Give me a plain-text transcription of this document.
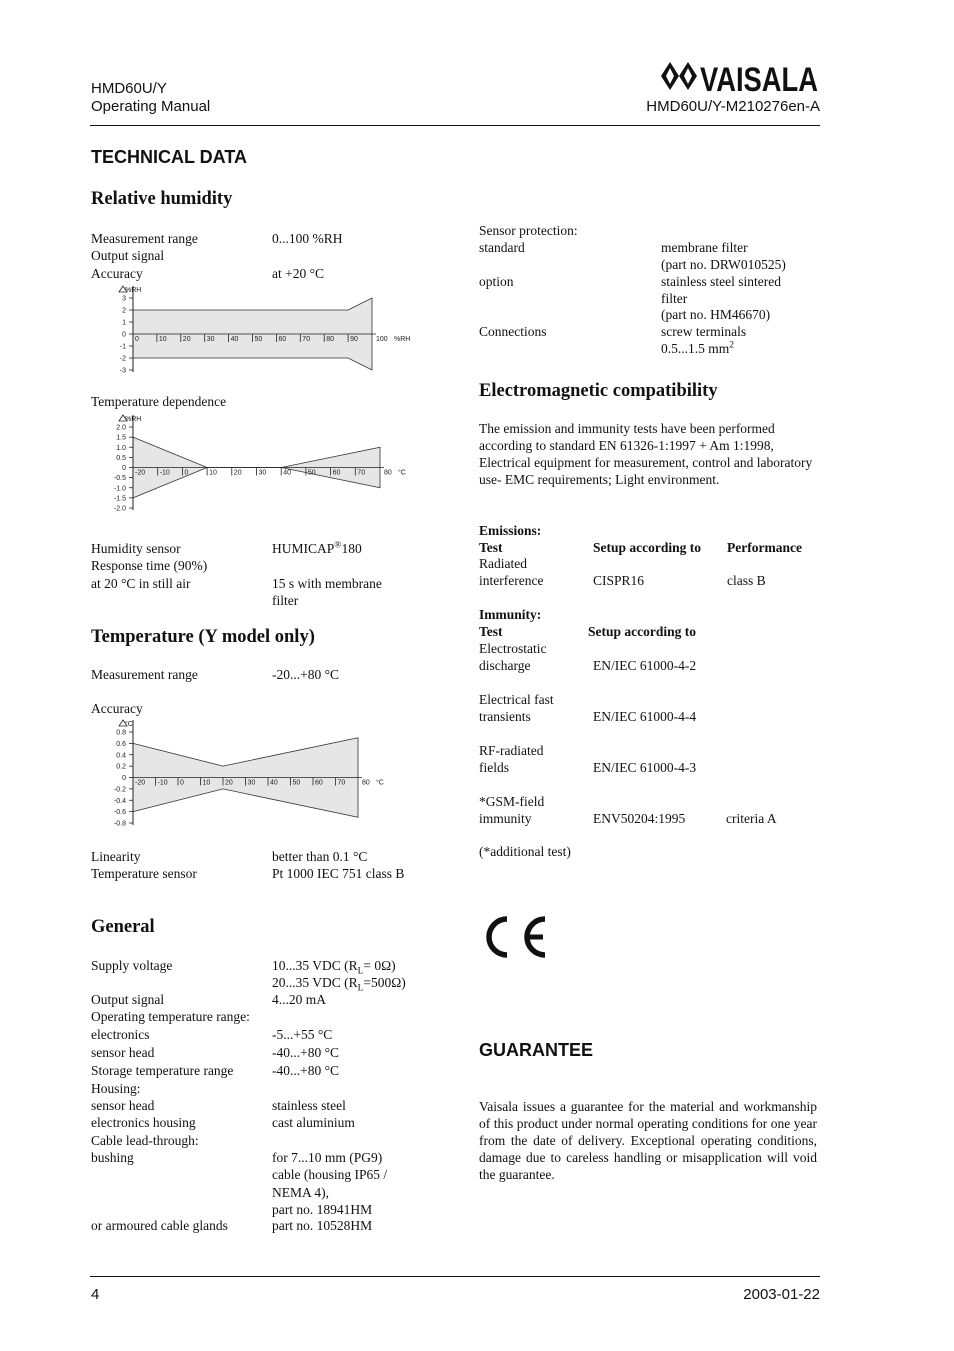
HMD60U/Y
Operating Manual
VAISALA
HMD60U/Y-M210276en-A
TECHNICAL DATA
Relative humidity
Measurement range	0...100 %RH
Output signal
Accuracy	at +20 °C
%RH
3
2
1
0
-1
-2
-3
0	10 20 30 40 50 60 70 80 90	100 %RH
Temperature dependence
%RH
2.0
1.5
1.0
0.5
0
-0.5
-1.0
-1.5
-2.0
-20 -10 0	10 20 30 40 50 60 70	80 °C
Humidity sensor	HUMICAP®180
Response time (90%)
at 20 °C in still air	15 s with membrane
filter
Temperature (Y model only)
Measurement range	-20...+80 °C
Accuracy
°C
0.8
0.6
0.4
0.2
0
-0.2
-0.4
-0.6
-0.8
-20 -10 0	10 20 30 40 50 60 70 80 °C
Linearity	better than 0.1 °C
Temperature sensor	Pt 1000 IEC 751 class B
General
Supply voltage	10...35 VDC $(R_L= 0\Omega)$
20...35 VDC $(R_L=500\Omega)$
Output signal	4...20 mA
Operating temperature range:
electronics	-5...+55 °C
sensor head	-40...+80 °C
Storage temperature range	-40...+80 °C
Housing:
sensor head	stainless steel
electronics housing	cast aluminium
Cable lead-through:
bushing	for 7...10 mm (PG9)
cable (housing IP65 /
NEMA 4),
part no. 18941HM
or armoured cable glands	part no. 10528HM
Sensor protection:
standard	membrane filter
(part no. DRW010525)
option	stainless steel sintered
filter
(part no. HM46670)
Connections	screw terminals
0.5...1.5 $mm^2$
Electromagnetic compatibility
The emission and immunity tests have been performed according to standard EN 61326-1:1997 + Am 1:1998, Electrical equipment for measurement, control and laboratory use- EMC requirements; Light environment.
Emissions:
Test	Setup according to Performance
Radiated
interference	CISPR16	class B
Immunity:
Test	Setup according to
Electrostatic
discharge	EN/IEC 61000-4-2
Electrical fast
transients	EN/IEC 61000-4-4
RF-radiated
fields	EN/IEC 61000-4-3
*GSM-field
immunity	ENV50204:1995	criteria A
(*additional test)
GUARANTEE
Vaisala issues a guarantee for the material and workmanship of this product under normal operating conditions for one year from the date of delivery. Exceptional operating conditions, damage due to careless handling or misapplication will void the guarantee.
4	2003-01-22
